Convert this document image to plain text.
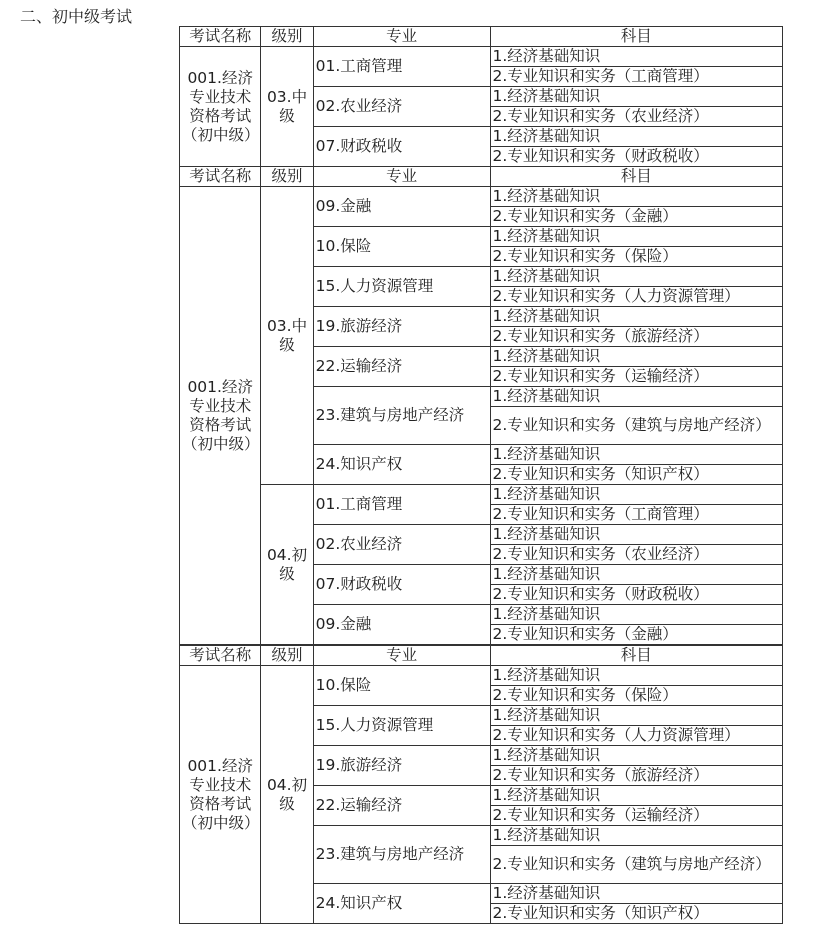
二、初中级考试
考试名称	级别	专业	科目
001.经济专业技术资格考试（初中级）	03.中级	01.工商管理	1.经济基础知识
			2.专业知识和实务（工商管理）
		02.农业经济	1.经济基础知识
			2.专业知识和实务（农业经济）
		07.财政税收	1.经济基础知识
			2.专业知识和实务（财政税收）
考试名称	级别	专业	科目
001.经济专业技术资格考试（初中级）	03.中级	09.金融	1.经济基础知识
			2.专业知识和实务（金融）
		10.保险	1.经济基础知识
			2.专业知识和实务（保险）
		15.人力资源管理	1.经济基础知识
			2.专业知识和实务（人力资源管理）
		19.旅游经济	1.经济基础知识
			2.专业知识和实务（旅游经济）
		22.运输经济	1.经济基础知识
			2.专业知识和实务（运输经济）
		23.建筑与房地产经济	1.经济基础知识
			2.专业知识和实务（建筑与房地产经济）
		24.知识产权	1.经济基础知识
			2.专业知识和实务（知识产权）
	04.初级	01.工商管理	1.经济基础知识
			2.专业知识和实务（工商管理）
		02.农业经济	1.经济基础知识
			2.专业知识和实务（农业经济）
		07.财政税收	1.经济基础知识
			2.专业知识和实务（财政税收）
		09.金融	1.经济基础知识
			2.专业知识和实务（金融）
考试名称	级别	专业	科目
001.经济专业技术资格考试（初中级）	04.初级	10.保险	1.经济基础知识
			2.专业知识和实务（保险）
		15.人力资源管理	1.经济基础知识
			2.专业知识和实务（人力资源管理）
		19.旅游经济	1.经济基础知识
			2.专业知识和实务（旅游经济）
		22.运输经济	1.经济基础知识
			2.专业知识和实务（运输经济）
		23.建筑与房地产经济	1.经济基础知识
			2.专业知识和实务（建筑与房地产经济）
		24.知识产权	1.经济基础知识
			2.专业知识和实务（知识产权）
